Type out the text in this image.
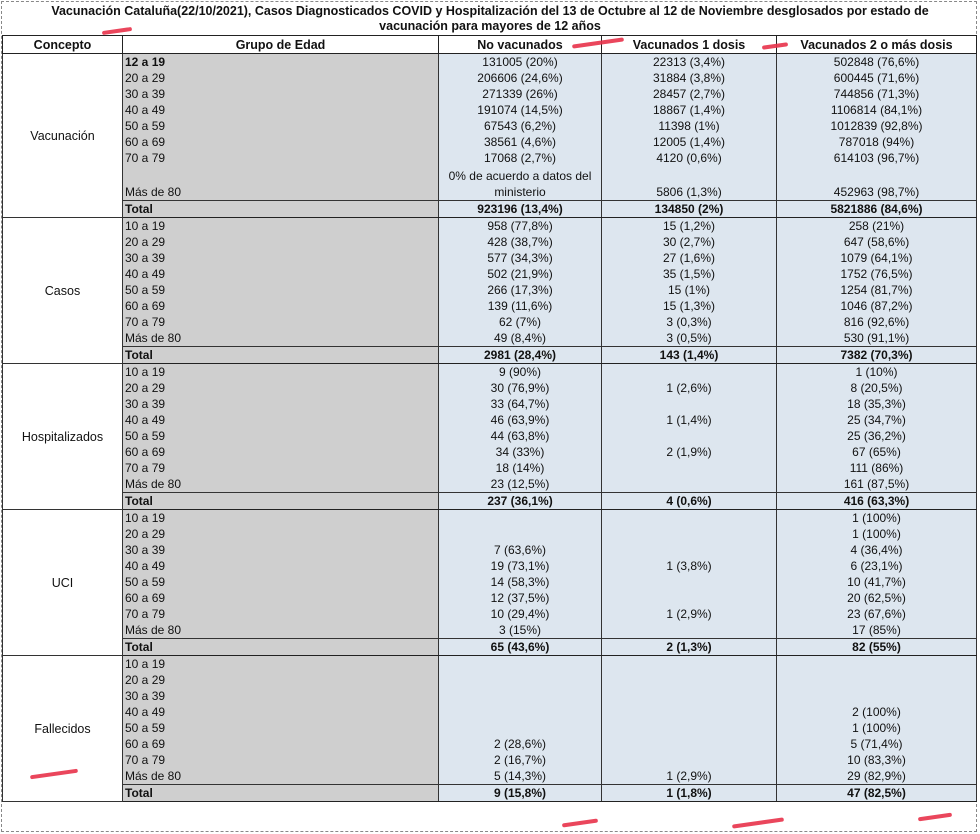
Vacunación Cataluña(22/10/2021), Casos Diagnosticados COVID y Hospitalización del 13 de Octubre al 12 de Noviembre desglosados por estado de
vacunación para mayores de 12 años
Concepto	Grupo de Edad	No vacunados	Vacunados 1 dosis	Vacunados 2 o más dosis
Vacunación	12 a 19	131005 (20%)	22313 (3,4%)	502848 (76,6%)
	20 a 29	206606 (24,6%)	31884 (3,8%)	600445 (71,6%)
	30 a 39	271339 (26%)	28457 (2,7%)	744856 (71,3%)
	40 a 49	191074 (14,5%)	18867 (1,4%)	1106814 (84,1%)
	50 a 59	67543 (6,2%)	11398 (1%)	1012839 (92,8%)
	60 a 69	38561 (4,6%)	12005 (1,4%)	787018 (94%)
	70 a 79	17068 (2,7%)	4120 (0,6%)	614103 (96,7%)
	Más de 80	0% de acuerdo a datos del ministerio	5806 (1,3%)	452963 (98,7%)
	Total	923196 (13,4%)	134850 (2%)	5821886 (84,6%)
Casos	10 a 19	958 (77,8%)	15 (1,2%)	258 (21%)
	20 a 29	428 (38,7%)	30 (2,7%)	647 (58,6%)
	30 a 39	577 (34,3%)	27 (1,6%)	1079 (64,1%)
	40 a 49	502 (21,9%)	35 (1,5%)	1752 (76,5%)
	50 a 59	266 (17,3%)	15 (1%)	1254 (81,7%)
	60 a 69	139 (11,6%)	15 (1,3%)	1046 (87,2%)
	70 a 79	62 (7%)	3 (0,3%)	816 (92,6%)
	Más de 80	49 (8,4%)	3 (0,5%)	530 (91,1%)
	Total	2981 (28,4%)	143 (1,4%)	7382 (70,3%)
Hospitalizados	10 a 19	9 (90%)		1 (10%)
	20 a 29	30 (76,9%)	1 (2,6%)	8 (20,5%)
	30 a 39	33 (64,7%)		18 (35,3%)
	40 a 49	46 (63,9%)	1 (1,4%)	25 (34,7%)
	50 a 59	44 (63,8%)		25 (36,2%)
	60 a 69	34 (33%)	2 (1,9%)	67 (65%)
	70 a 79	18 (14%)		111 (86%)
	Más de 80	23 (12,5%)		161 (87,5%)
	Total	237 (36,1%)	4 (0,6%)	416 (63,3%)
UCI	10 a 19			1 (100%)
	20 a 29			1 (100%)
	30 a 39	7 (63,6%)		4 (36,4%)
	40 a 49	19 (73,1%)	1 (3,8%)	6 (23,1%)
	50 a 59	14 (58,3%)		10 (41,7%)
	60 a 69	12 (37,5%)		20 (62,5%)
	70 a 79	10 (29,4%)	1 (2,9%)	23 (67,6%)
	Más de 80	3 (15%)		17 (85%)
	Total	65 (43,6%)	2 (1,3%)	82 (55%)
Fallecidos	10 a 19			
	20 a 29			
	30 a 39			
	40 a 49			2 (100%)
	50 a 59			1 (100%)
	60 a 69	2 (28,6%)		5 (71,4%)
	70 a 79	2 (16,7%)		10 (83,3%)
	Más de 80	5 (14,3%)	1 (2,9%)	29 (82,9%)
	Total	9 (15,8%)	1 (1,8%)	47 (82,5%)
